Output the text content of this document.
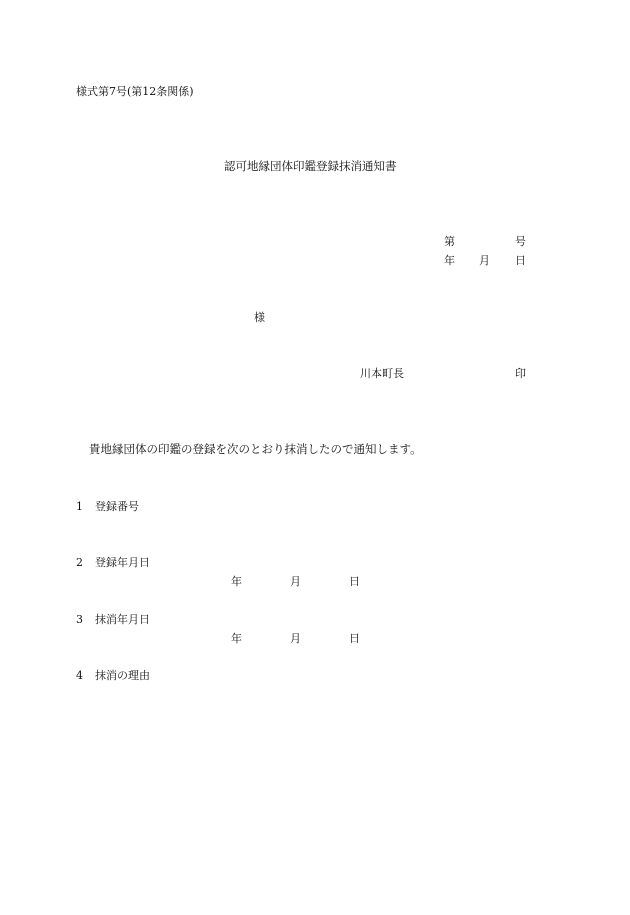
様式第7号(第12条関係)
認可地縁団体印鑑登録抹消通知書
第	号
年 月 日
様
川本町長	印
貴地縁団体の印鑑の登録を次のとおり抹消したので通知します。
1 登録番号
2 登録年月日
年	月	日
3 抹消年月日
年	月	日
4 抹消の理由
